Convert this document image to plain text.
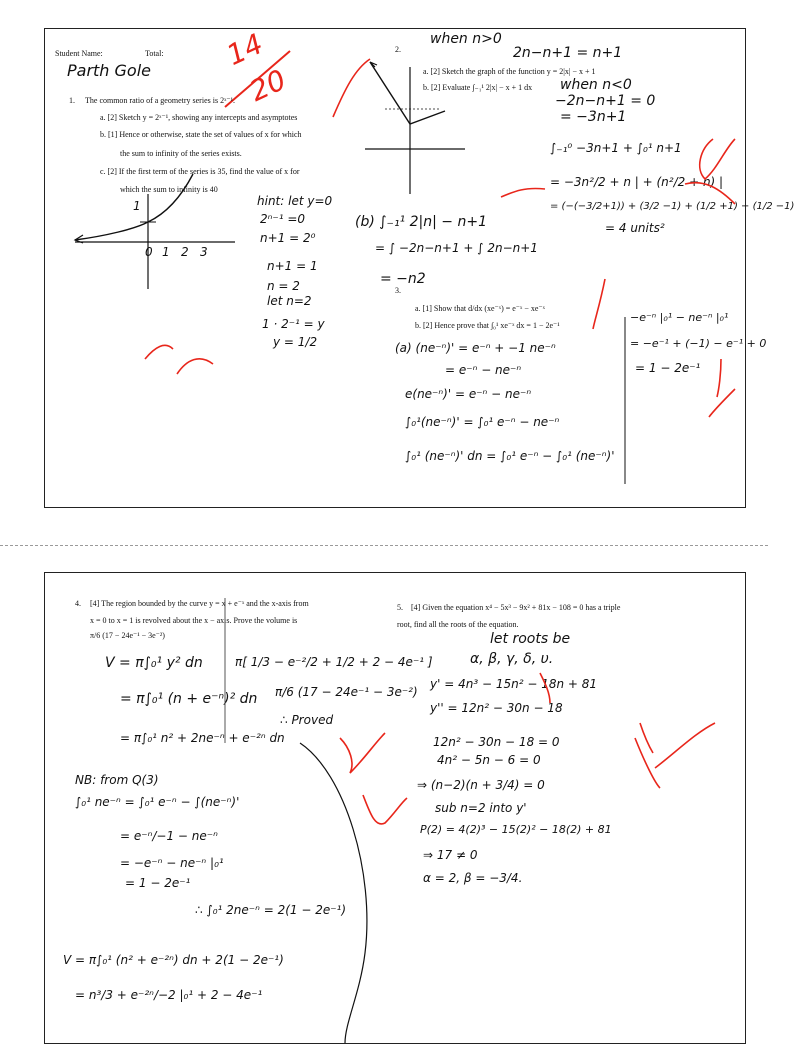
Student Name:	Total:
Parth Gole	14
20
1. The common ratio of a geometry series is 2ˣ⁻¹.
a. [2] Sketch y = 2ˣ⁻¹, showing any intercepts and asymptotes
b. [1] Hence or otherwise, state the set of values of x for which
the sum to infinity of the series exists.
c. [2] If the first term of the series is 35, find the value of x for
which the sum to infinity is 40
1
0 1 2 3
hint: let y=0
2ⁿ⁻¹ =0
n+1 = 2⁰
n+1 = 1
n = 2
let n=2
1 · 2⁻¹ = y
y = 1/2
2.
a. [2] Sketch the graph of the function y = 2|x| − x + 1
b. [2] Evaluate ∫₋₁¹ 2|x| − x + 1 dx
when n>0
2n−n+1 = n+1
when n<0
−2n−n+1 = 0
= −3n+1
∫₋₁⁰ −3n+1 + ∫₀¹ n+1
= −3n²/2 + n | + (n²/2 + n) |
= (−(−3/2+1)) + (3/2 −1) + (1/2 +1) − (1/2 −1)
= 4 units²
(b) ∫₋₁¹ 2|n| − n+1
= ∫ −2n−n+1 + ∫ 2n−n+1
= −n2
3.
a. [1] Show that d/dx (xe⁻ˣ) = e⁻ˣ − xe⁻ˣ
b. [2] Hence prove that ∫₀¹ xe⁻ˣ dx = 1 − 2e⁻¹
(a) (ne⁻ⁿ)' = e⁻ⁿ + −1 ne⁻ⁿ
= e⁻ⁿ − ne⁻ⁿ
e(ne⁻ⁿ)' = e⁻ⁿ − ne⁻ⁿ
∫₀¹(ne⁻ⁿ)' = ∫₀¹ e⁻ⁿ − ne⁻ⁿ
∫₀¹ (ne⁻ⁿ)' dn = ∫₀¹ e⁻ⁿ − ∫₀¹ (ne⁻ⁿ)'
−e⁻ⁿ |₀¹ − ne⁻ⁿ |₀¹
= −e⁻¹ + (−1) − e⁻¹ + 0
= 1 − 2e⁻¹
4. [4] The region bounded by the curve y = x + e⁻ˣ and the x-axis from
x = 0 to x = 1 is revolved about the x − axis. Prove the volume is
π/6 (17 − 24e⁻¹ − 3e⁻²)
V = π∫₀¹ y² dn
= π∫₀¹ (n + e⁻ⁿ)² dn
= π∫₀¹ n² + 2ne⁻ⁿ + e⁻²ⁿ dn
NB: from Q(3)
∫₀¹ ne⁻ⁿ = ∫₀¹ e⁻ⁿ − ∫(ne⁻ⁿ)'
= e⁻ⁿ/−1 − ne⁻ⁿ
= −e⁻ⁿ − ne⁻ⁿ |₀¹
= 1 − 2e⁻¹
∴ ∫₀¹ 2ne⁻ⁿ = 2(1 − 2e⁻¹)
V = π∫₀¹ (n² + e⁻²ⁿ) dn + 2(1 − 2e⁻¹)
= n³/3 + e⁻²ⁿ/−2 |₀¹ + 2 − 4e⁻¹
π[ 1/3 − e⁻²/2 + 1/2 + 2 − 4e⁻¹ ]
π/6 (17 − 24e⁻¹ − 3e⁻²)
∴ Proved
5. [4] Given the equation x⁴ − 5x³ − 9x² + 81x − 108 = 0 has a triple
root, find all the roots of the equation.
let roots be
α, β, γ, δ, υ.
y' = 4n³ − 15n² − 18n + 81
y'' = 12n² − 30n − 18
12n² − 30n − 18 = 0
4n² − 5n − 6 = 0
⇒ (n−2)(n + 3/4) = 0
sub n=2 into y'
P(2) = 4(2)³ − 15(2)² − 18(2) + 81
⇒ 17 ≠ 0
α = 2, β = −3/4.
